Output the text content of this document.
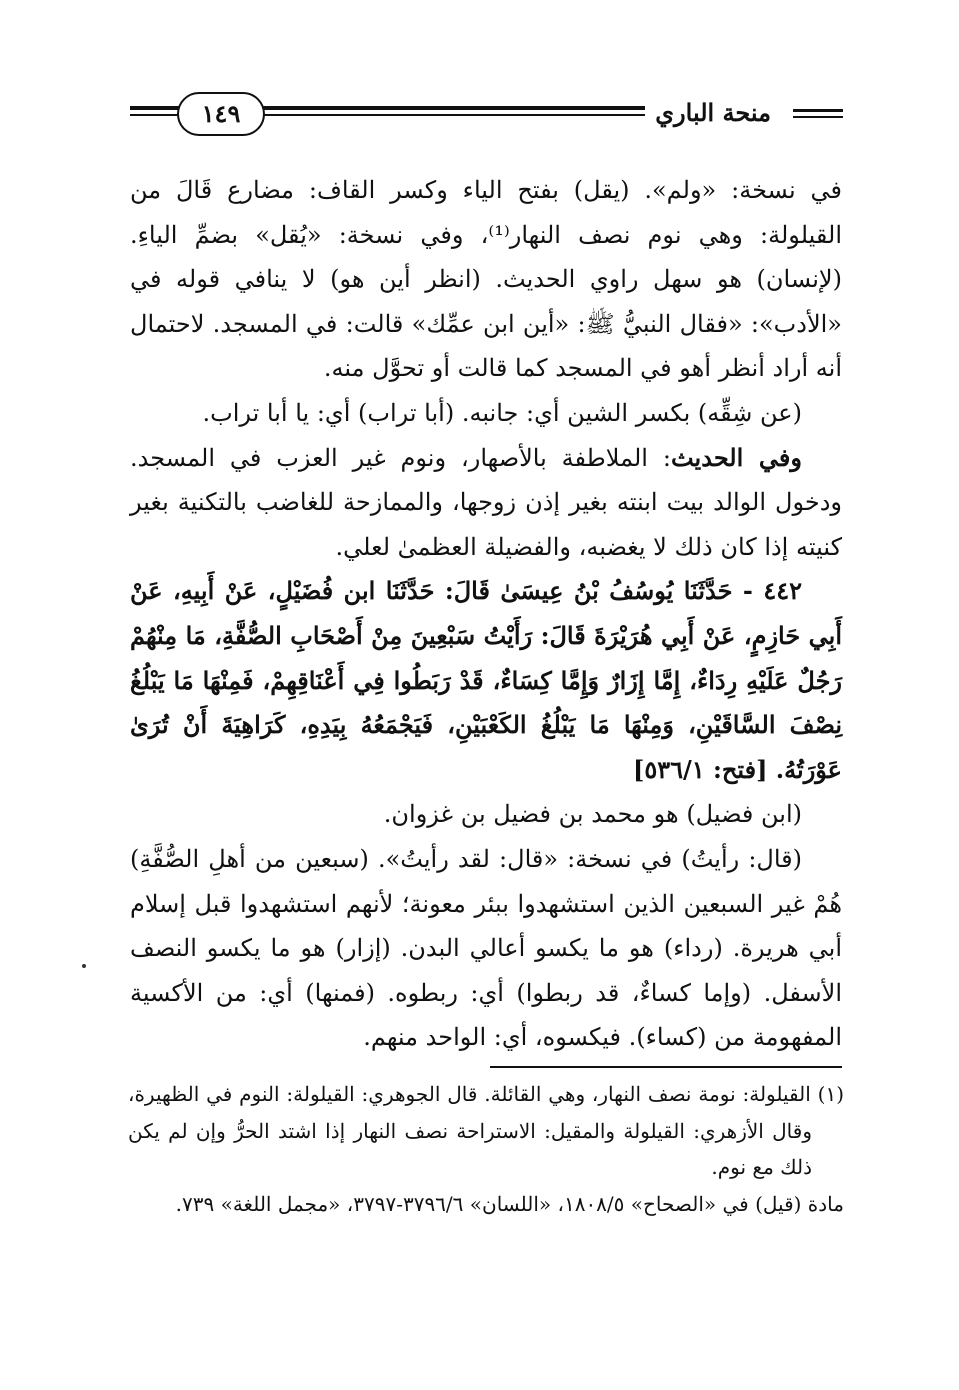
١٤٩	منحة الباري

في نسخة: «ولم». (يقل) بفتح الياء وكسر القاف: مضارع قَالَ من القيلولة: وهي نوم نصف النهار⁽¹⁾، وفي نسخة: «يُقل» بضمِّ الياءِ. (لإنسان) هو سهل راوي الحديث. (انظر أين هو) لا ينافي قوله في «الأدب»: «فقال النبيُّ ﷺ: «أين ابن عمِّك» قالت: في المسجد. لاحتمال أنه أراد أنظر أهو في المسجد كما قالت أو تحوَّل منه.

(عن شِقِّه) بكسر الشين أي: جانبه. (أبا تراب) أي: يا أبا تراب.

وفي الحديث: الملاطفة بالأصهار، ونوم غير العزب في المسجد. ودخول الوالد بيت ابنته بغير إذن زوجها، والممازحة للغاضب بالتكنية بغير كنيته إذا كان ذلك لا يغضبه، والفضيلة العظمىٰ لعلي.

٤٤٢ - حَدَّثَنَا يُوسُفُ بْنُ عِيسَىٰ قَالَ: حَدَّثَنَا ابن فُضَيْلٍ، عَنْ أَبِيهِ، عَنْ أَبِي حَازِمٍ، عَنْ أَبِي هُرَيْرَةَ قَالَ: رَأَيْتُ سَبْعِينَ مِنْ أَصْحَابِ الصُّفَّةِ، مَا مِنْهُمْ رَجُلٌ عَلَيْهِ رِدَاءٌ، إِمَّا إِزَارٌ وَإِمَّا كِسَاءٌ، قَدْ رَبَطُوا فِي أَعْنَاقِهِمْ، فَمِنْهَا مَا يَبْلُغُ نِصْفَ السَّاقَيْنِ، وَمِنْهَا مَا يَبْلُغُ الكَعْبَيْنِ، فَيَجْمَعُهُ بِيَدِهِ، كَرَاهِيَةَ أَنْ تُرَىٰ عَوْرَتُهُ. [فتح: ٥٣٦/١]

(ابن فضيل) هو محمد بن فضيل بن غزوان.

(قال: رأيتُ) في نسخة: «قال: لقد رأيتُ». (سبعين من أهلِ الصُّفَّةِ) هُمْ غير السبعين الذين استشهدوا ببئر معونة؛ لأنهم استشهدوا قبل إسلام أبي هريرة. (رداء) هو ما يكسو أعالي البدن. (إزار) هو ما يكسو النصف الأسفل. (وإما كساءٌ، قد ربطوا) أي: ربطوه. (فمنها) أي: من الأكسية المفهومة من (كساء). فيكسوه، أي: الواحد منهم.

(١) القيلولة: نومة نصف النهار، وهي القائلة. قال الجوهري: القيلولة: النوم في الظهيرة، وقال الأزهري: القيلولة والمقيل: الاستراحة نصف النهار إذا اشتد الحرُّ وإن لم يكن ذلك مع نوم.

مادة (قيل) في «الصحاح» ١٨٠٨/٥، «اللسان» ٣٧٩٦/٦-٣٧٩٧، «مجمل اللغة» ٧٣٩.
